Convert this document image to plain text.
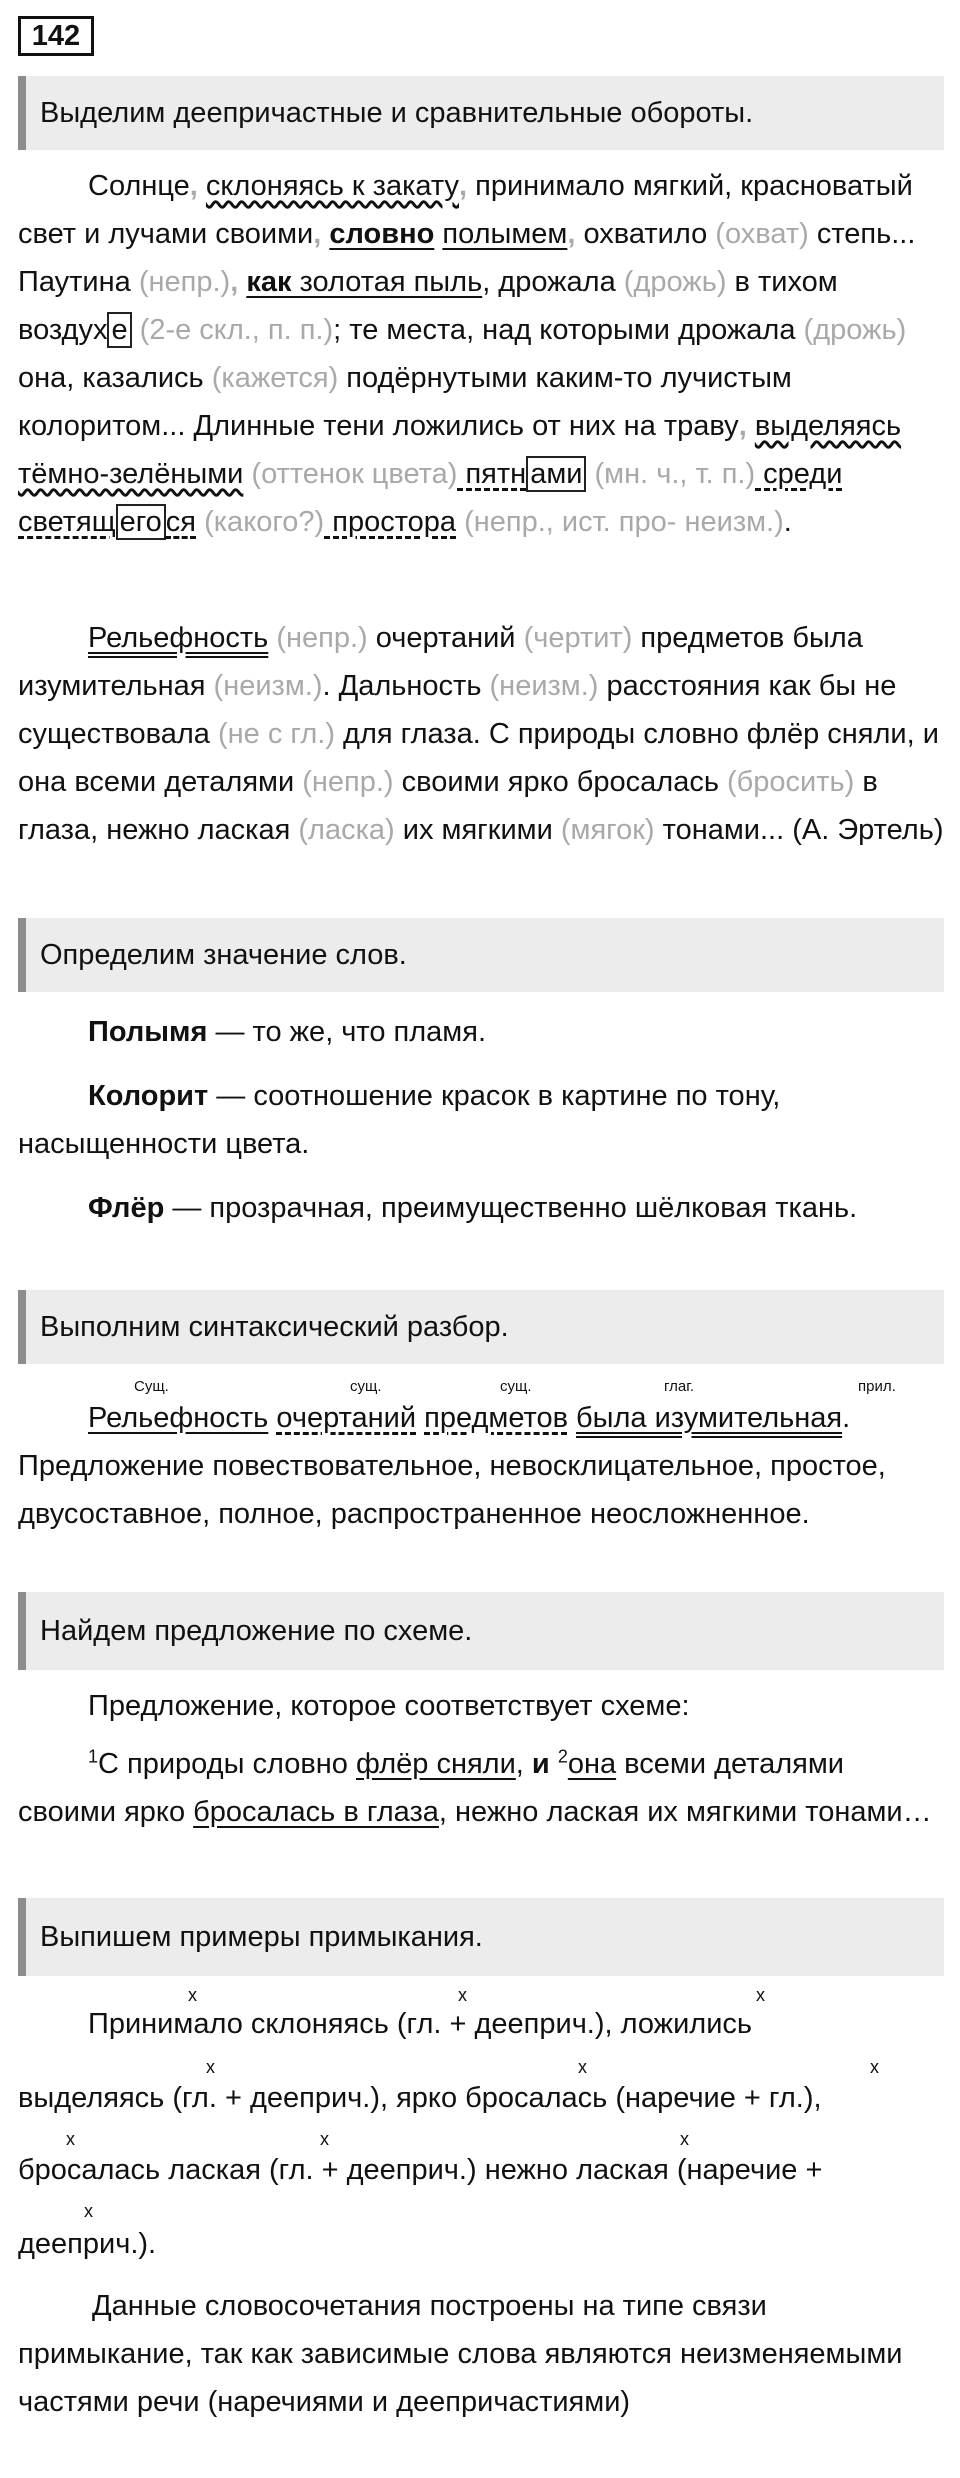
142
Выделим деепричастные и сравнительные обороты.

Солнце, склоняясь к закату, принимало мягкий, красноватый свет и лучами своими, словно полымем, охватило (охват) степь... Паутина (непр.), как золотая пыль, дрожала (дрожь) в тихом воздух е (2-е скл., п. п.); те места, над которыми дрожала (дрожь) она, казались (кажется) подёрнутыми каким-то лучистым колоритом... Длинные тени ложились от них на траву, выделяясь тёмно-зелёными (оттенок цвета) пятн ами (мн. ч., т. п.) среди светящ его ся (какого?) простора (непр., ист. про- неизм.).

Рельефность (непр.) очертаний (чертит) предметов была изумительная (неизм.). Дальность (неизм.) расстояния как бы не существовала (не с гл.) для глаза. С природы словно флёр сняли, и она всеми деталями (непр.) своими ярко бросалась (бросить) в глаза, нежно лаская (ласка) их мягкими (мягок) тонами... (А. Эртель)

Определим значение слов.

Полымя — то же, что пламя.

Колорит — соотношение красок в картине по тону, насыщенности цвета.

Флёр — прозрачная, преимущественно шёлковая ткань.

Выполним синтаксический разбор.
Сущ.	сущ.	сущ.	глаг.	прил.

Рельефность очертаний предметов была изумительная.
Предложение повествовательное, невосклицательное, простое, двусоставное, полное, распространенное неосложненное.

Найдем предложение по схеме.

Предложение, которое соответствует схеме:

$^1$С природы словно флёр сняли, и $^2$она всеми деталями своими ярко бросалась в глаза, нежно лаская их мягкими тонами…

Выпишем примеры примыкания.
x	x	x

Принимало склоняясь (гл. + дееприч.), ложились

x	x	x

выделяясь (гл. + дееприч.), ярко бросалась (наречие + гл.),

x	x	x

бросалась лаская (гл. + дееприч.) нежно лаская (наречие +

x

дееприч.).

Данные словосочетания построены на типе связи примыкание, так как зависимые слова являются неизменяемыми частями речи (наречиями и деепричастиями)
